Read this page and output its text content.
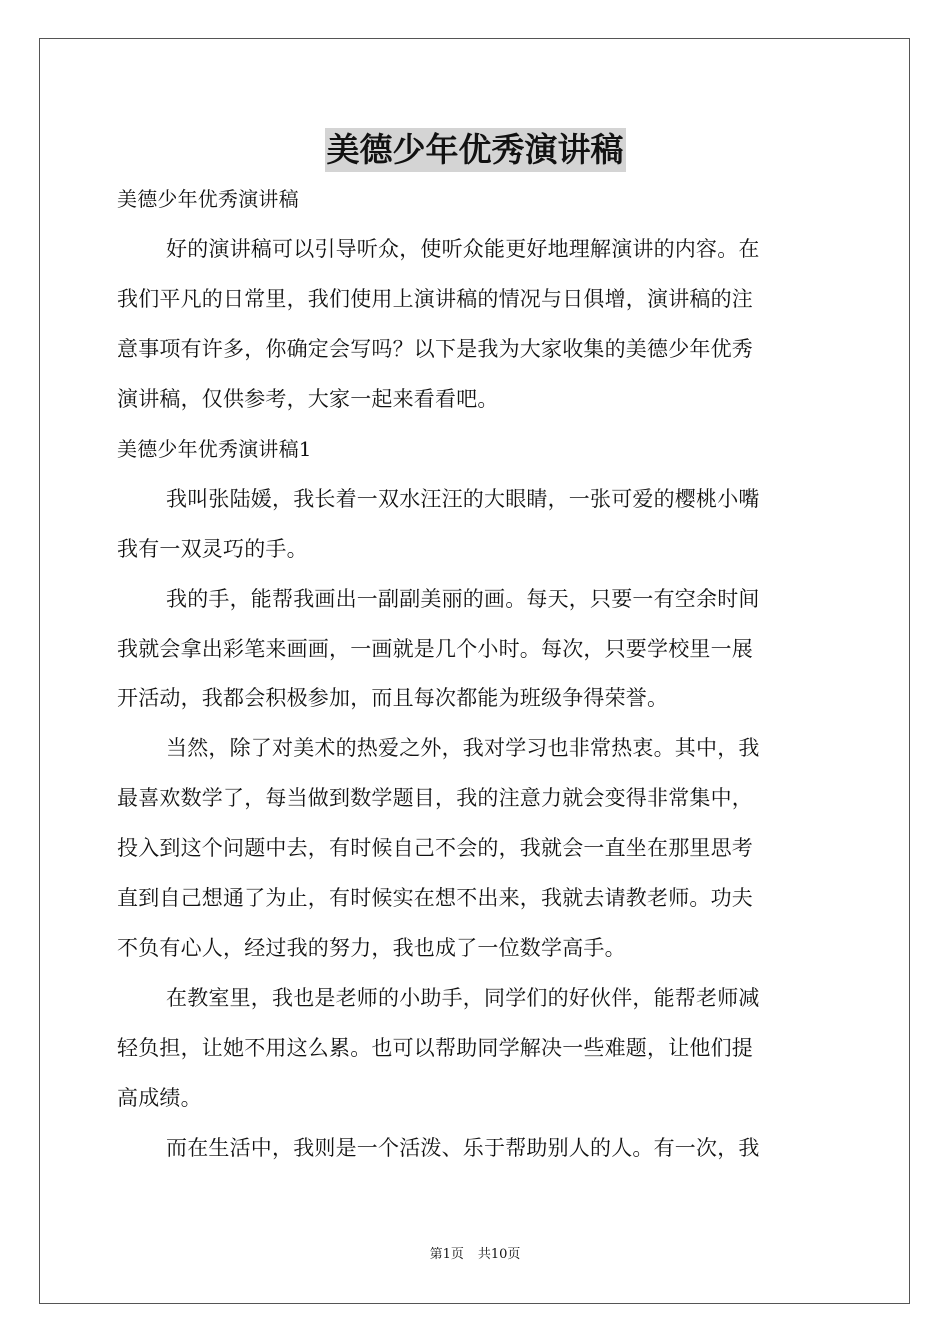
美德少年优秀演讲稿
美德少年优秀演讲稿
好的演讲稿可以引导听众，使听众能更好地理解演讲的内容。在
我们平凡的日常里，我们使用上演讲稿的情况与日俱增，演讲稿的注
意事项有许多，你确定会写吗？以下是我为大家收集的美德少年优秀
演讲稿，仅供参考，大家一起来看看吧。
美德少年优秀演讲稿1
我叫张陆媛，我长着一双水汪汪的大眼睛，一张可爱的樱桃小嘴
我有一双灵巧的手。
我的手，能帮我画出一副副美丽的画。每天，只要一有空余时间
我就会拿出彩笔来画画，一画就是几个小时。每次，只要学校里一展
开活动，我都会积极参加，而且每次都能为班级争得荣誉。
当然，除了对美术的热爱之外，我对学习也非常热衷。其中，我
最喜欢数学了，每当做到数学题目，我的注意力就会变得非常集中，
投入到这个问题中去，有时候自己不会的，我就会一直坐在那里思考
直到自己想通了为止，有时候实在想不出来，我就去请教老师。功夫
不负有心人，经过我的努力，我也成了一位数学高手。
在教室里，我也是老师的小助手，同学们的好伙伴，能帮老师减
轻负担，让她不用这么累。也可以帮助同学解决一些难题，让他们提
高成绩。
而在生活中，我则是一个活泼、乐于帮助别人的人。有一次，我
第1页 共10页
